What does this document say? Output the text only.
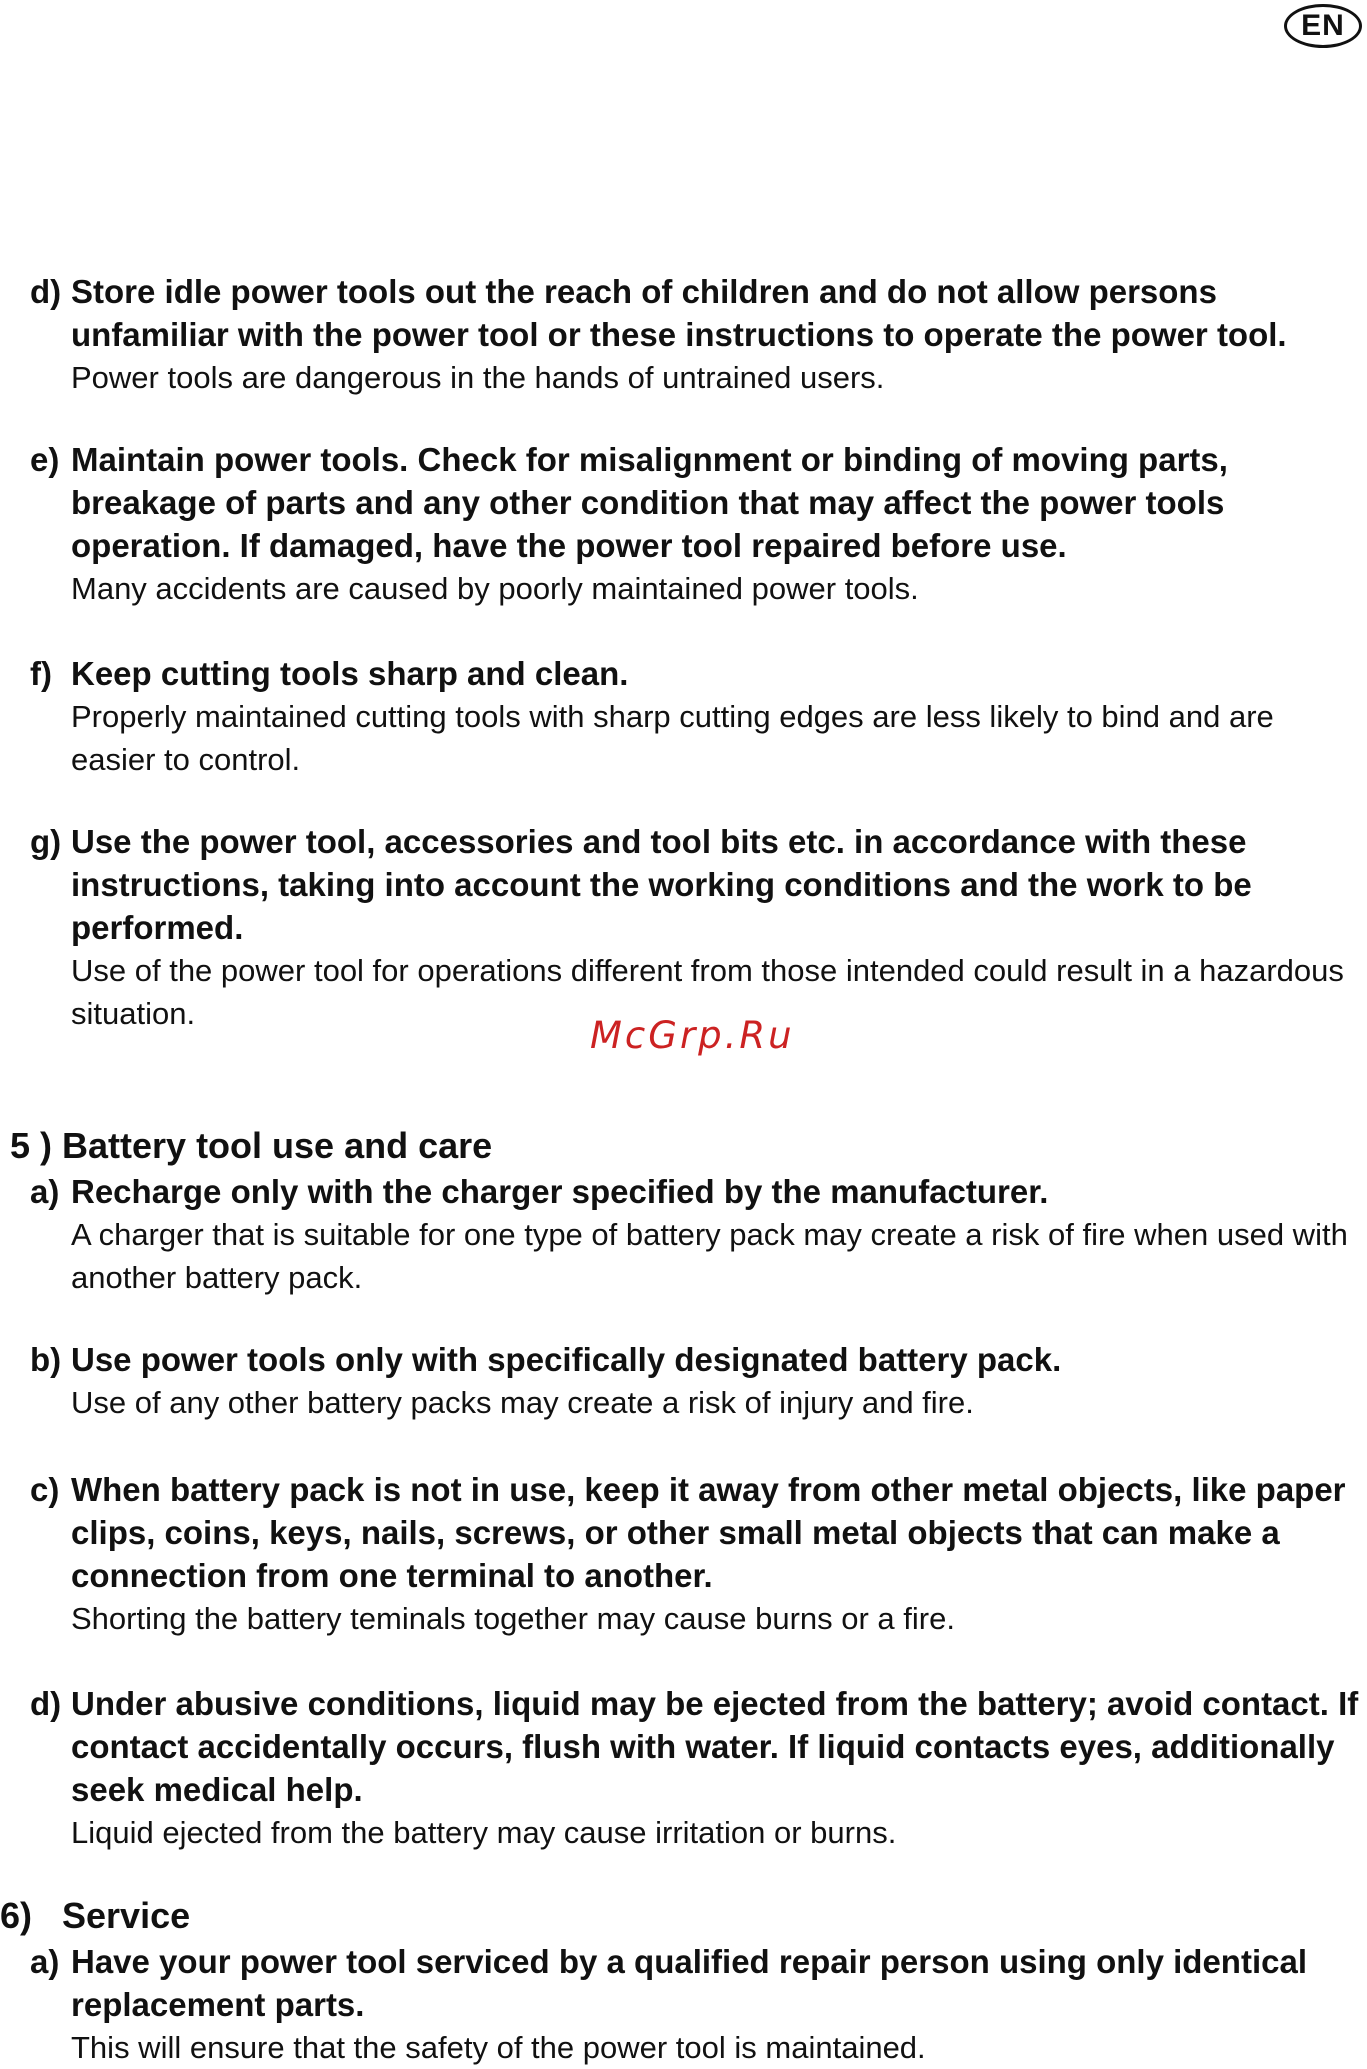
EN
d) Store idle power tools out the reach of children and do not allow persons unfamiliar with the power tool or these instructions to operate the power tool.

Power tools are dangerous in the hands of untrained users.

e) Maintain power tools. Check for misalignment or binding of moving parts, breakage of parts and any other condition that may affect the power tools operation. If damaged, have the power tool repaired before use.

Many accidents are caused by poorly maintained power tools.

f) Keep cutting tools sharp and clean.

Properly maintained cutting tools with sharp cutting edges are less likely to bind and are easier to control.

g) Use the power tool, accessories and tool bits etc. in accordance with these instructions, taking into account the working conditions and the work to be performed.

Use of the power tool for operations different from those intended could result in a hazardous situation.

McGrp.Ru
5 ) Battery tool use and care
a) Recharge only with the charger specified by the manufacturer.

A charger that is suitable for one type of battery pack may create a risk of fire when used with another battery pack.

b) Use power tools only with specifically designated battery pack.

Use of any other battery packs may create a risk of injury and fire.

c) When battery pack is not in use, keep it away from other metal objects, like paper clips, coins, keys, nails, screws, or other small metal objects that can make a connection from one terminal to another.

Shorting the battery teminals together may cause burns or a fire.

d) Under abusive conditions, liquid may be ejected from the battery; avoid contact. If contact accidentally occurs, flush with water. If liquid contacts eyes, additionally seek medical help.

Liquid ejected from the battery may cause irritation or burns.

6)   Service
a) Have your power tool serviced by a qualified repair person using only identical replacement parts.

This will ensure that the safety of the power tool is maintained.
